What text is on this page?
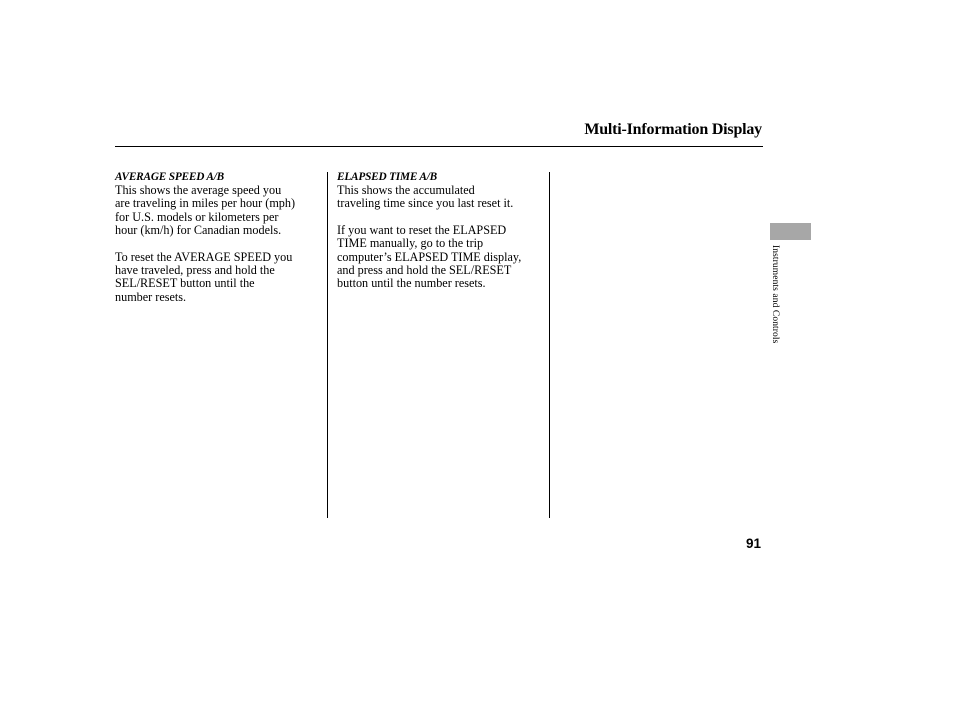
Multi-Information Display
AVERAGE SPEED A/B

This shows the average speed you
are traveling in miles per hour (mph)
for U.S. models or kilometers per
hour (km/h) for Canadian models.

To reset the AVERAGE SPEED you
have traveled, press and hold the
SEL/RESET button until the
number resets.

ELAPSED TIME A/B

This shows the accumulated
traveling time since you last reset it.

If you want to reset the ELAPSED
TIME manually, go to the trip
computer’s ELAPSED TIME display,
and press and hold the SEL/RESET
button until the number resets.	Instruments and Controls
91
